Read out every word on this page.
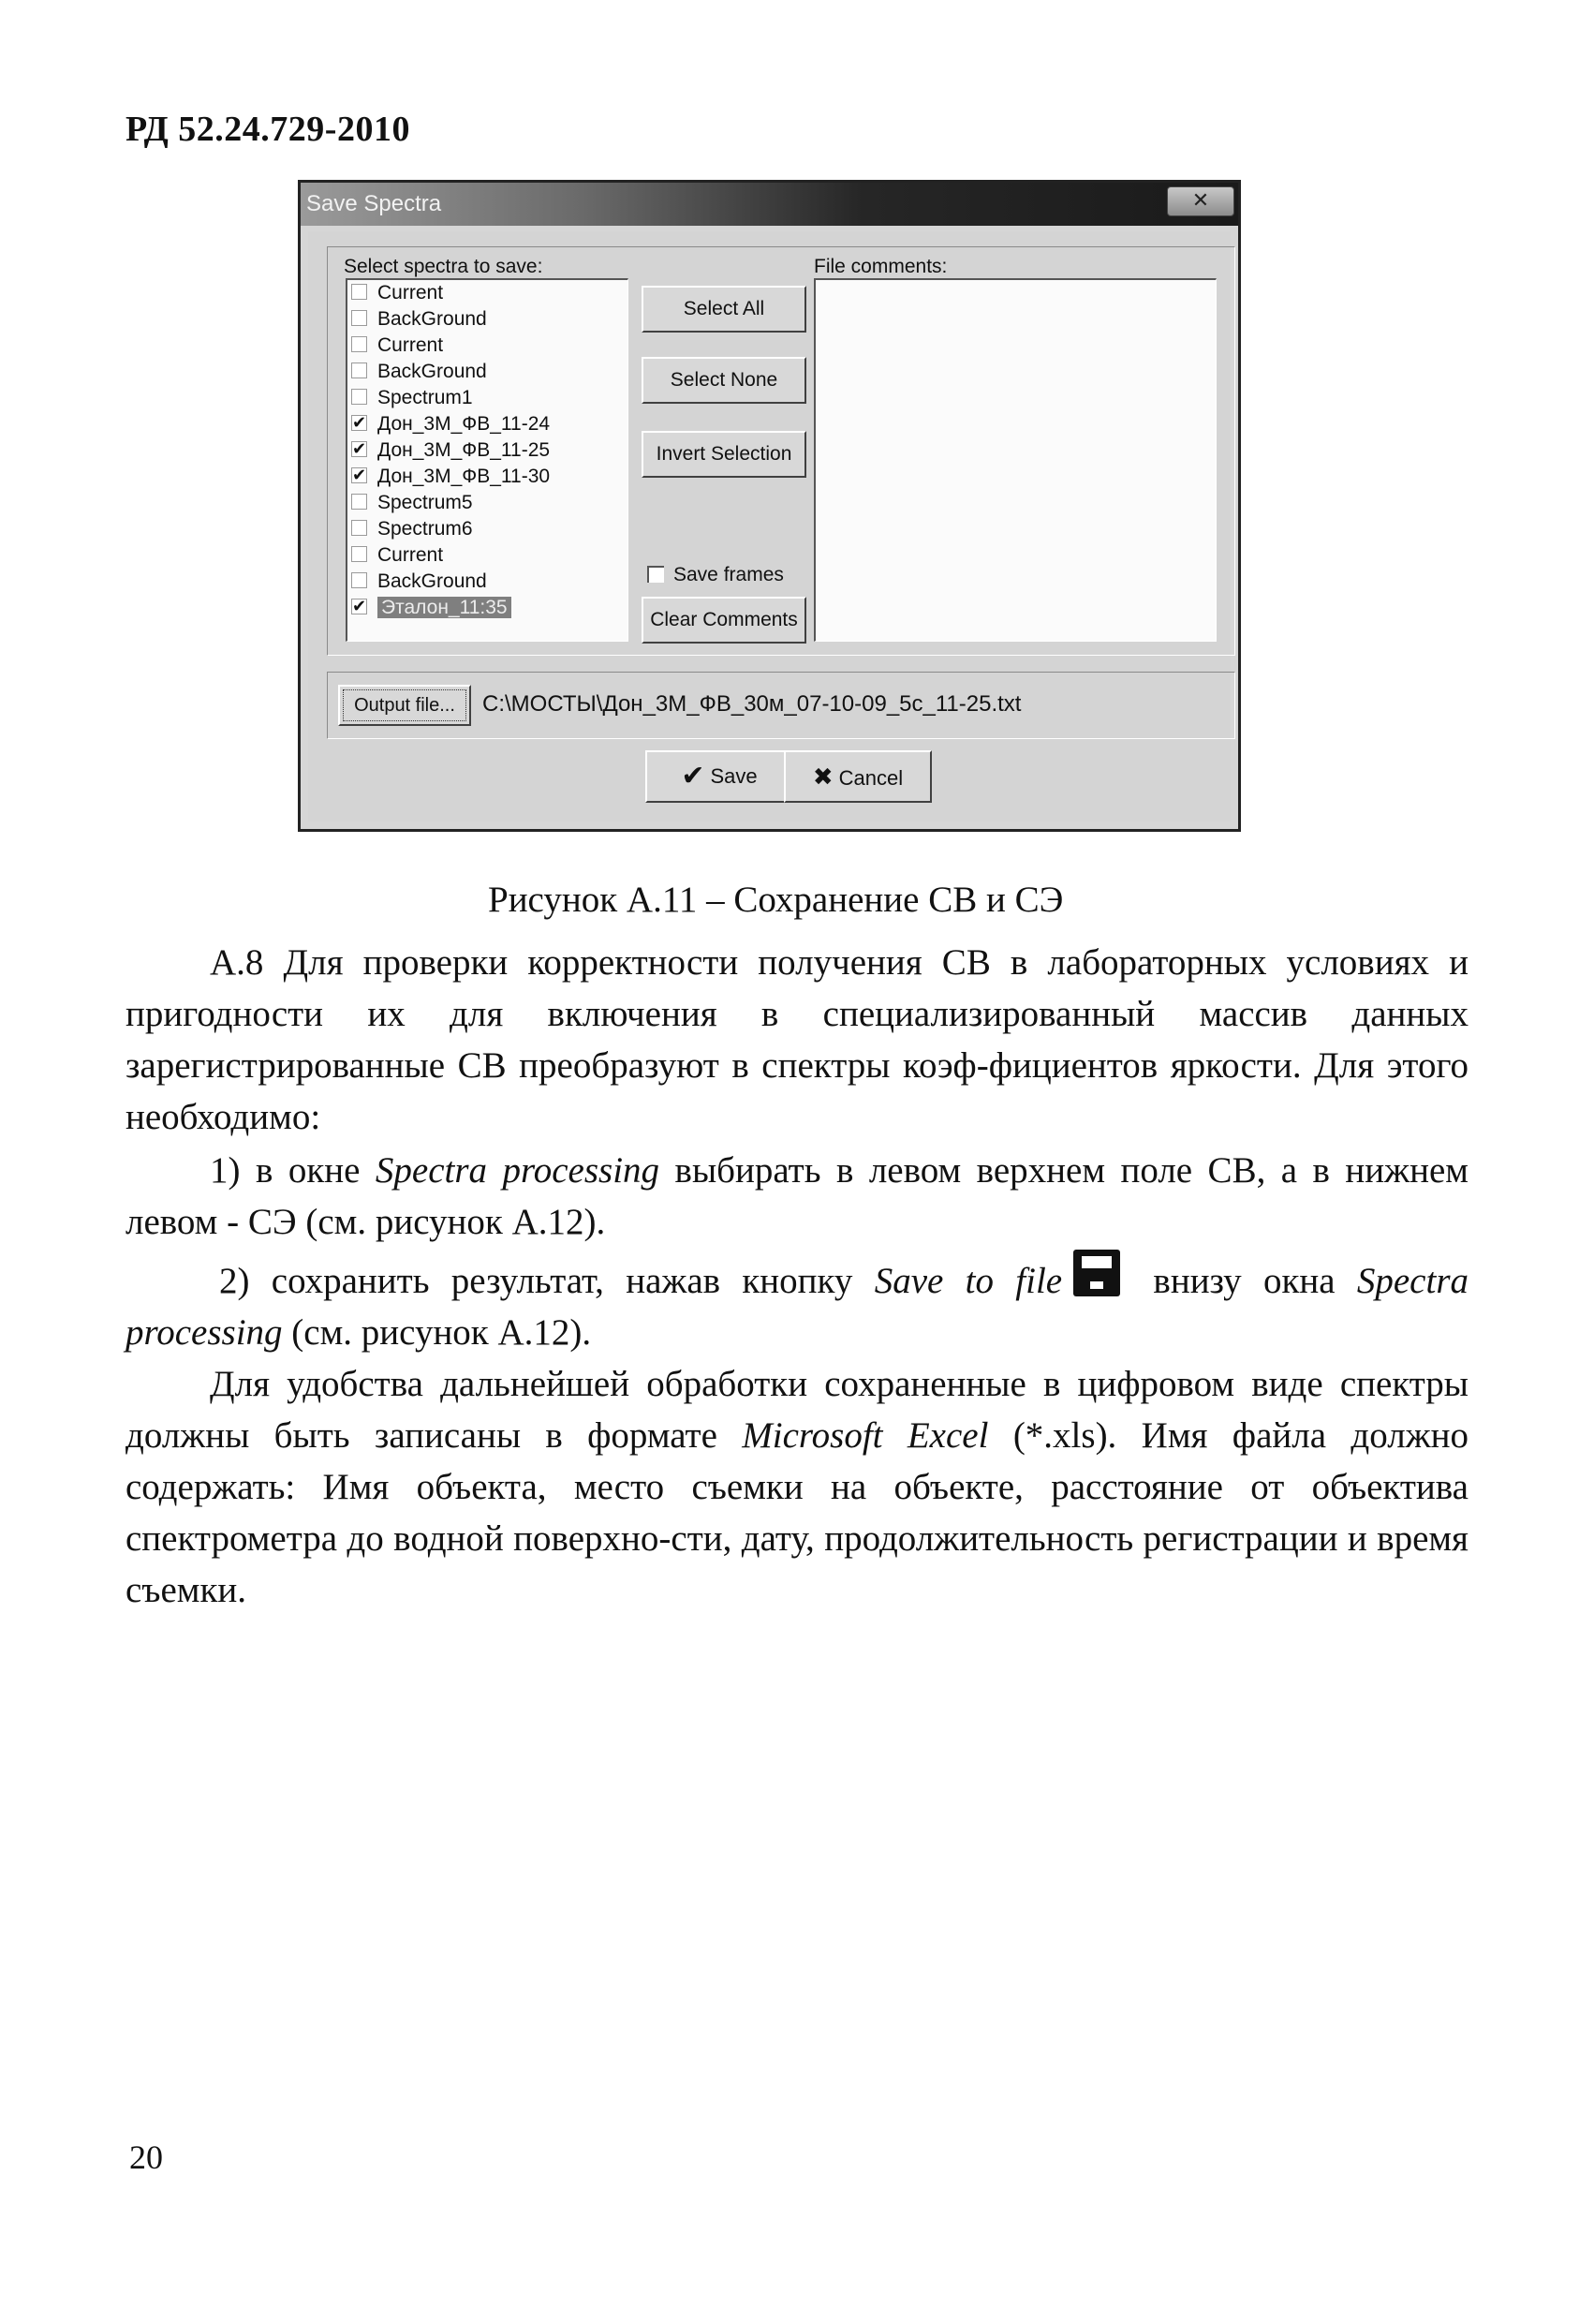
РД 52.24.729-2010
Save Spectra	✕
Select spectra to save:	File comments:
Current
BackGround
Current
BackGround
Spectrum1
✔ Дон_3М_ФВ_11-24
✔ Дон_3М_ФВ_11-25
✔ Дон_3М_ФВ_11-30
Spectrum5
Spectrum6
Current
BackGround
✔ Эталон_11:35
Select All
Select None
Invert Selection
Save frames
Clear Comments
Output file...	C:\МОСТЫ\Дон_3М_ФВ_30м_07-10-09_5с_11-25.txt
✔ Save	✖ Cancel
Рисунок А.11 – Сохранение СВ и СЭ
А.8 Для проверки корректности получения СВ в лабораторных условиях и пригодности их для включения в специализированный массив данных зарегистрированные СВ преобразуют в спектры коэф-фициентов яркости. Для этого необходимо:
1) в окне Spectra processing выбирать в левом верхнем поле СВ, а в нижнем левом - СЭ (см. рисунок А.12).
2) сохранить результат, нажав кнопку Save to file внизу окна Spectra processing (см. рисунок А.12).
Для удобства дальнейшей обработки сохраненные в цифровом виде спектры должны быть записаны в формате Microsoft Excel (*.xls). Имя файла должно содержать: Имя объекта, место съемки на объекте, расстояние от объектива спектрометра до водной поверхно-сти, дату, продолжительность регистрации и время съемки.
20
